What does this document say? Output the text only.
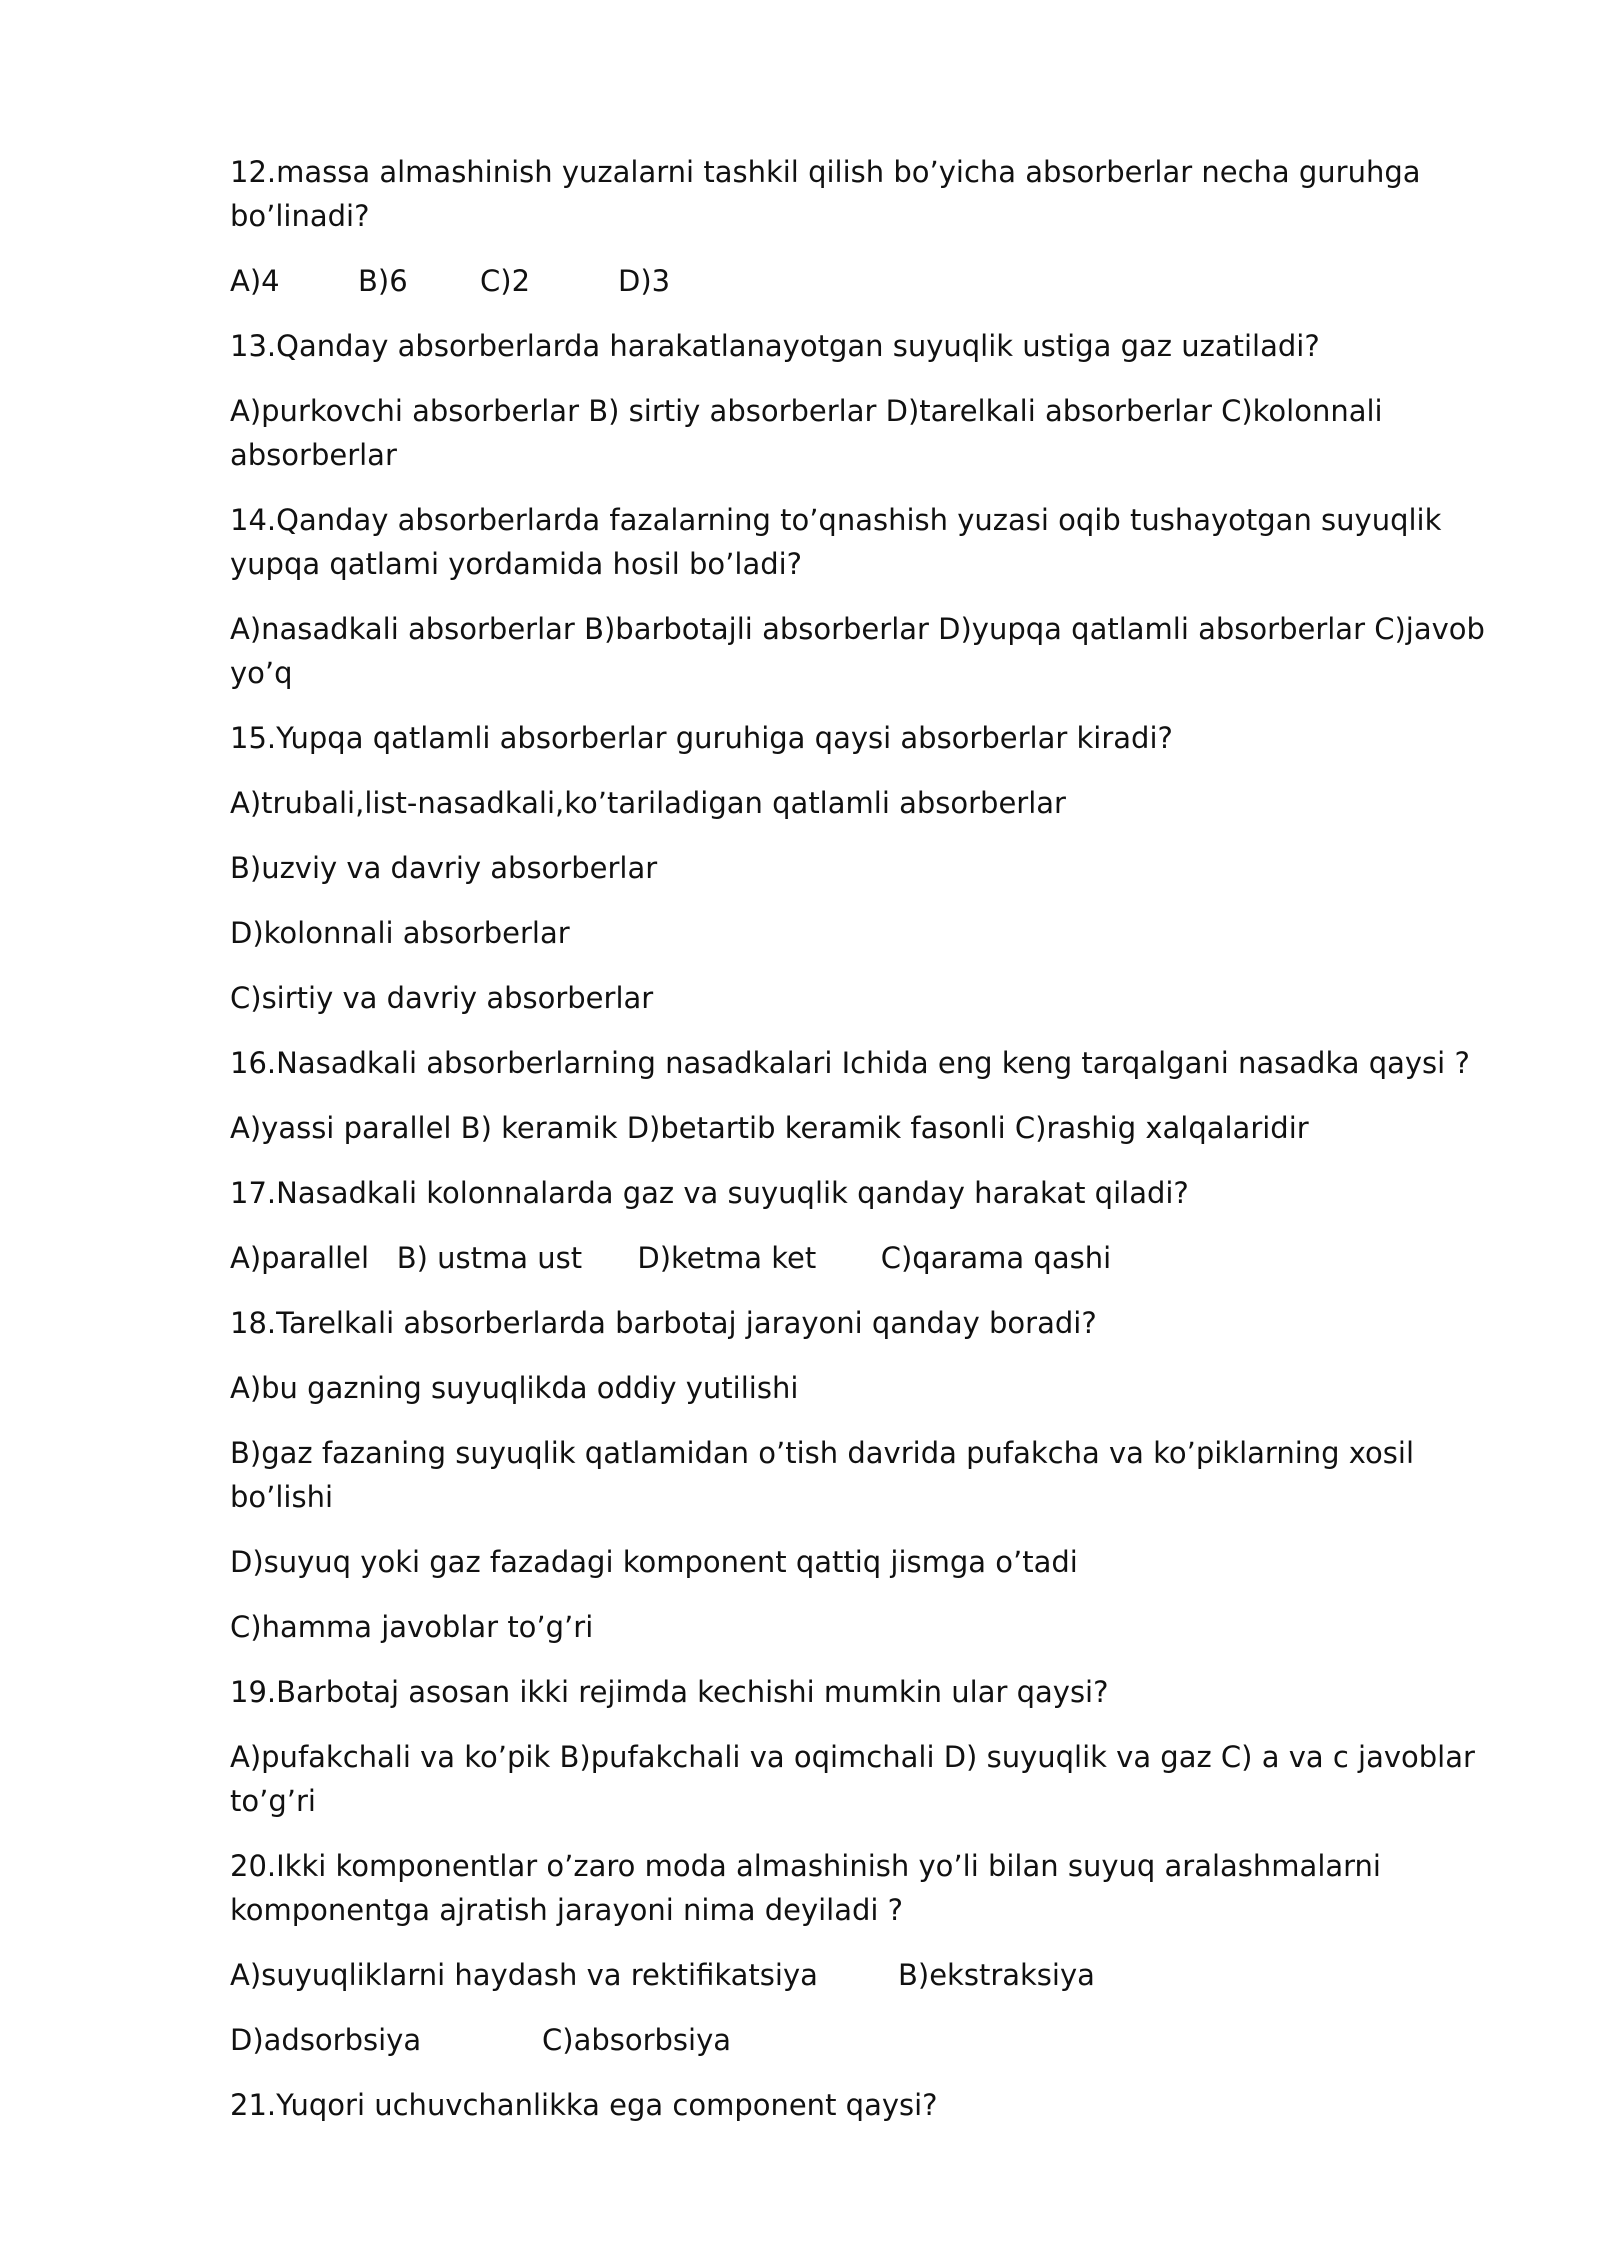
12.massa almashinish yuzalarni tashkil qilish bo’yicha absorberlar necha guruhga bo’linadi?

A)4	B)6	C)2	D)3

13.Qanday absorberlarda harakatlanayotgan suyuqlik ustiga gaz uzatiladi?

A)purkovchi absorberlar B) sirtiy absorberlar D)tarelkali absorberlar C)kolonnali absorberlar

14.Qanday absorberlarda fazalarning to’qnashish yuzasi oqib tushayotgan suyuqlik yupqa qatlami yordamida hosil bo’ladi?

A)nasadkali absorberlar B)barbotajli absorberlar D)yupqa qatlamli absorberlar C)javob yo’q

15.Yupqa qatlamli absorberlar guruhiga qaysi absorberlar kiradi?

A)trubali,list-nasadkali,ko’tariladigan qatlamli absorberlar

B)uzviy va davriy absorberlar

D)kolonnali absorberlar

C)sirtiy va davriy absorberlar

16.Nasadkali absorberlarning nasadkalari Ichida eng keng tarqalgani nasadka qaysi ?

A)yassi parallel B) keramik D)betartib keramik fasonli C)rashig xalqalaridir

17.Nasadkali kolonnalarda gaz va suyuqlik qanday harakat qiladi?

A)parallel   B) ustma ust      D)ketma ket       C)qarama qashi

18.Tarelkali absorberlarda barbotaj jarayoni qanday boradi?

A)bu gazning suyuqlikda oddiy yutilishi

B)gaz fazaning suyuqlik qatlamidan o’tish davrida pufakcha va ko’piklarning xosil bo’lishi

D)suyuq yoki gaz fazadagi komponent qattiq jismga o’tadi

C)hamma javoblar to’g’ri

19.Barbotaj asosan ikki rejimda kechishi mumkin ular qaysi?

A)pufakchali va ko’pik B)pufakchali va oqimchali D) suyuqlik va gaz C) a va c javoblar to’g’ri

20.Ikki komponentlar o’zaro moda almashinish yo’li bilan suyuq aralashmalarni komponentga ajratish jarayoni nima deyiladi ?

A)suyuqliklarni haydash va rektifikatsiya	B)ekstraksiya
D)adsorbsiya	C)absorbsiya

21.Yuqori uchuvchanlikka ega component qaysi?
